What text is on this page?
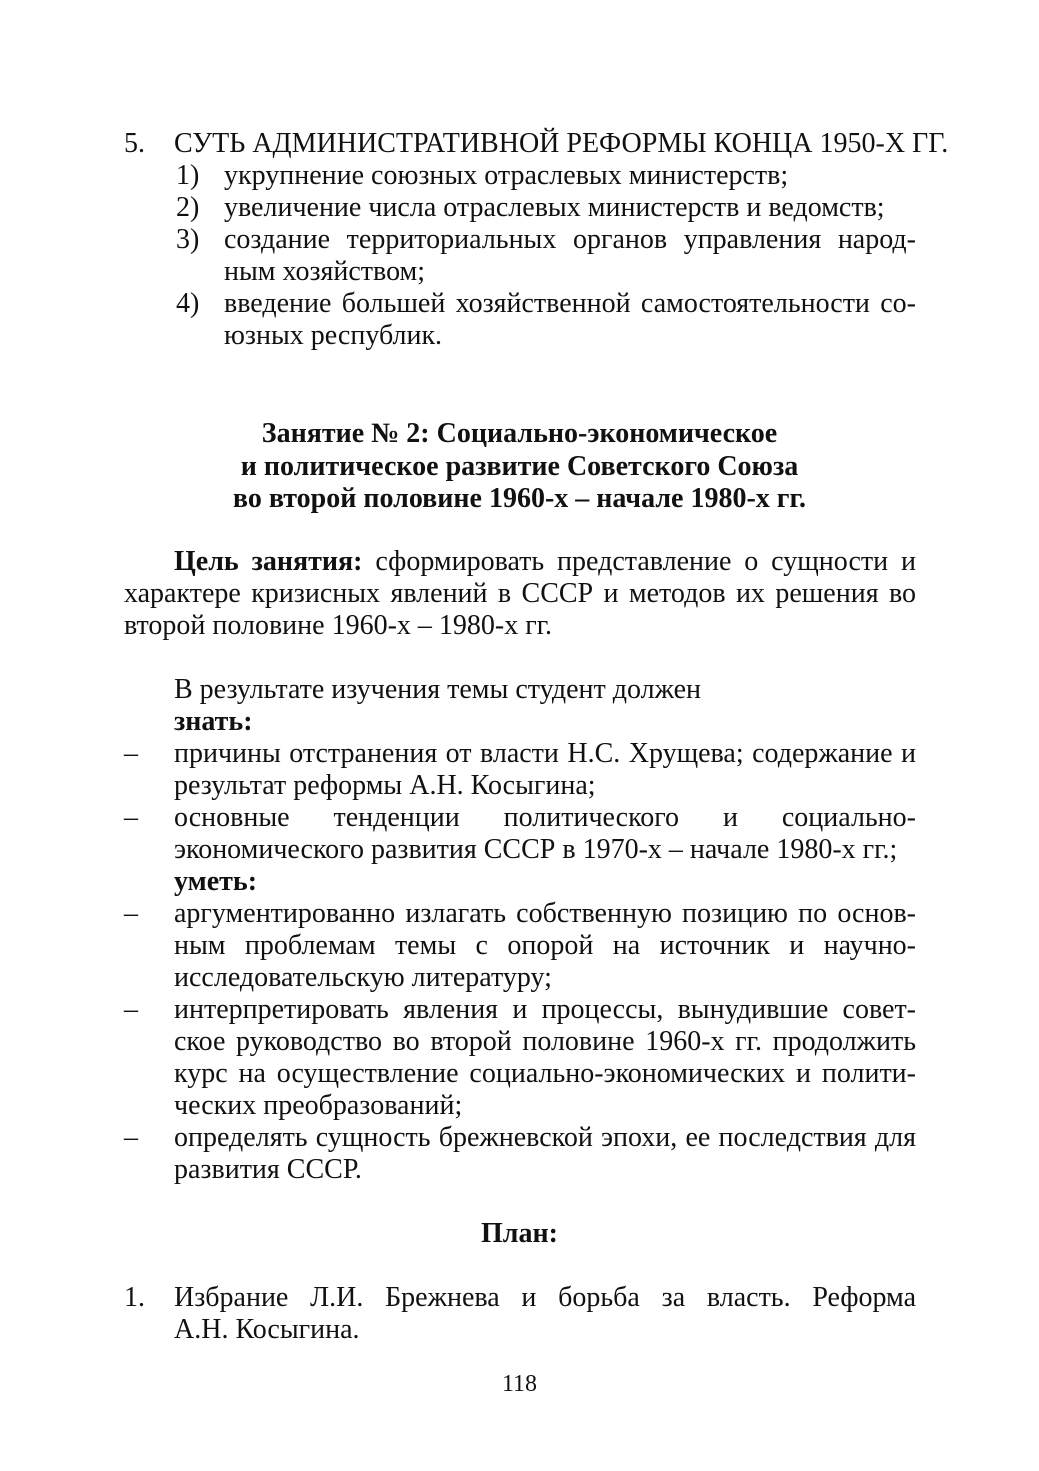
5. СУТЬ АДМИНИСТРАТИВНОЙ РЕФОРМЫ КОНЦА 1950-Х ГГ.
1) укрупнение союзных отраслевых министерств;
2) увеличение числа отраслевых министерств и ведомств;
3) создание территориальных органов управления народ-
ным хозяйством;
4) введение большей хозяйственной самостоятельности со-
юзных республик.
Занятие № 2: Социально-экономическое
и политическое развитие Советского Союза
во второй половине 1960-х – начале 1980-х гг.
Цель занятия: сформировать представление о сущности и
характере кризисных явлений в СССР и методов их решения во
второй половине 1960-х – 1980-х гг.
В результате изучения темы студент должен
знать:
– причины отстранения от власти Н.С. Хрущева; содержание и
результат реформы А.Н. Косыгина;
– основные тенденции политического и социально-
экономического развития СССР в 1970-х – начале 1980-х гг.;
уметь:
– аргументированно излагать собственную позицию по основ-
ным проблемам темы с опорой на источник и научно-
исследовательскую литературу;
– интерпретировать явления и процессы, вынудившие совет-
ское руководство во второй половине 1960-х гг. продолжить
курс на осуществление социально-экономических и полити-
ческих преобразований;
– определять сущность брежневской эпохи, ее последствия для
развития СССР.
План:
1. Избрание Л.И. Брежнева и борьба за власть. Реформа
А.Н. Косыгина.
118
